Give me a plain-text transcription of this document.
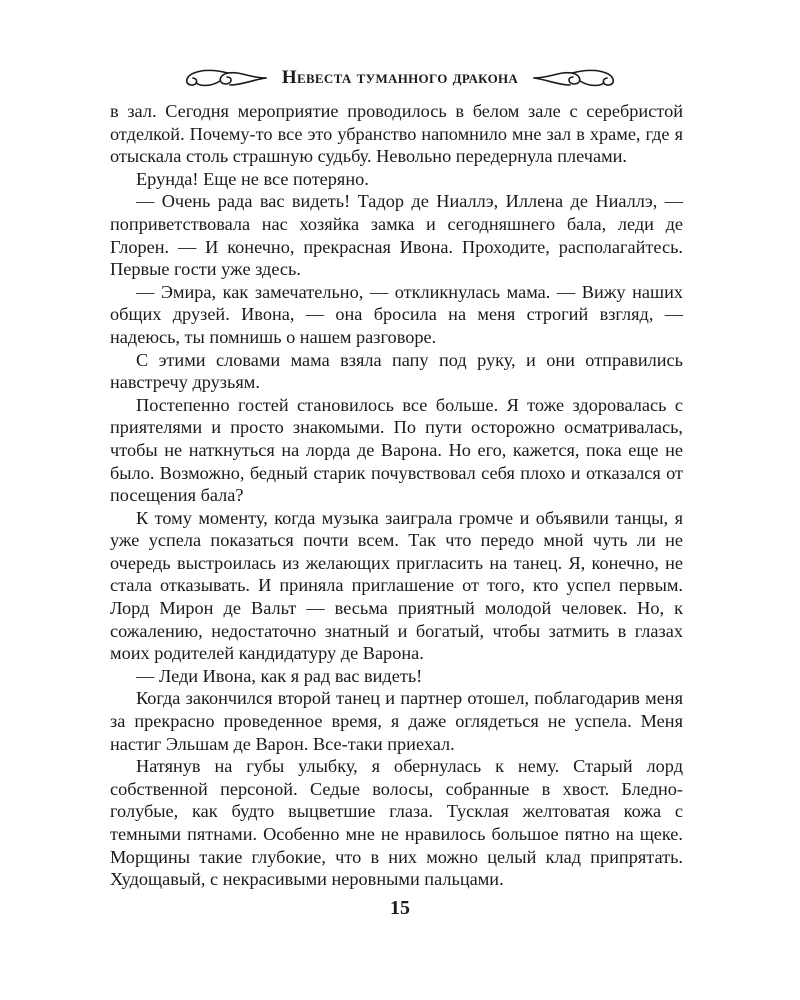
Невеста туманного дракона

в зал. Сегодня мероприятие проводилось в белом зале с серебристой отделкой. Почему-то все это убранство напомнило мне зал в храме, где я отыскала столь страшную судьбу. Невольно передернула плечами.

Ерунда! Еще не все потеряно.

— Очень рада вас видеть! Тадор де Ниаллэ, Иллена де Ниаллэ, — поприветствовала нас хозяйка замка и сегодняшнего бала, леди де Глорен. — И конечно, прекрасная Ивона. Проходите, располагайтесь. Первые гости уже здесь.

— Эмира, как замечательно, — откликнулась мама. — Вижу наших общих друзей. Ивона, — она бросила на меня строгий взгляд, — надеюсь, ты помнишь о нашем разговоре.

С этими словами мама взяла папу под руку, и они отправились навстречу друзьям.

Постепенно гостей становилось все больше. Я тоже здоровалась с приятелями и просто знакомыми. По пути осторожно осматривалась, чтобы не наткнуться на лорда де Варона. Но его, кажется, пока еще не было. Возможно, бедный старик почувствовал себя плохо и отказался от посещения бала?

К тому моменту, когда музыка заиграла громче и объявили танцы, я уже успела показаться почти всем. Так что передо мной чуть ли не очередь выстроилась из желающих пригласить на танец. Я, конечно, не стала отказывать. И приняла приглашение от того, кто успел первым. Лорд Мирон де Вальт — весьма приятный молодой человек. Но, к сожалению, недостаточно знатный и богатый, чтобы затмить в глазах моих родителей кандидатуру де Варона.

— Леди Ивона, как я рад вас видеть!

Когда закончился второй танец и партнер отошел, поблагодарив меня за прекрасно проведенное время, я даже оглядеться не успела. Меня настиг Эльшам де Варон. Все-таки приехал.

Натянув на губы улыбку, я обернулась к нему. Старый лорд собственной персоной. Седые волосы, собранные в хвост. Бледно-голубые, как будто выцветшие глаза. Тусклая желтоватая кожа с темными пятнами. Особенно мне не нравилось большое пятно на щеке. Морщины такие глубокие, что в них можно целый клад припрятать. Худощавый, с некрасивыми неровными пальцами.

15
